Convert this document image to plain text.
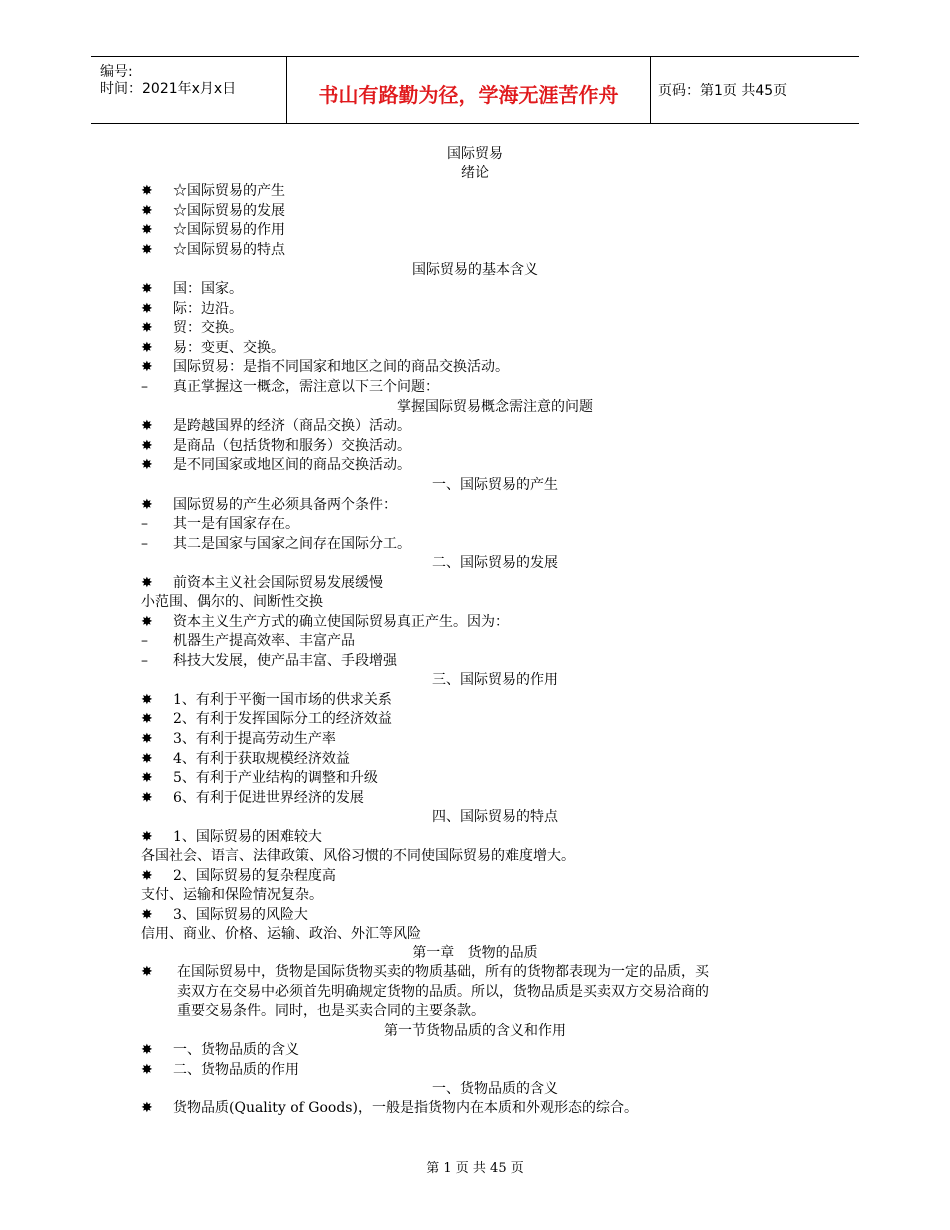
编号:
时间：2021年x月x日	书山有路勤为径，学海无涯苦作舟	页码：第1页 共45页
国际贸易
绪论
✸ ☆国际贸易的产生
✸ ☆国际贸易的发展
✸ ☆国际贸易的作用
✸ ☆国际贸易的特点
国际贸易的基本含义
✸ 国：国家。
✸ 际：边沿。
✸ 贸：交换。
✸ 易：变更、交换。
✸ 国际贸易：是指不同国家和地区之间的商品交换活动。
– 真正掌握这一概念，需注意以下三个问题：
掌握国际贸易概念需注意的问题
✸ 是跨越国界的经济（商品交换）活动。
✸ 是商品（包括货物和服务）交换活动。
✸ 是不同国家或地区间的商品交换活动。
一、国际贸易的产生
✸ 国际贸易的产生必须具备两个条件：
– 其一是有国家存在。
– 其二是国家与国家之间存在国际分工。
二、国际贸易的发展
✸ 前资本主义社会国际贸易发展缓慢
小范围、偶尔的、间断性交换
✸ 资本主义生产方式的确立使国际贸易真正产生。因为：
– 机器生产提高效率、丰富产品
– 科技大发展，使产品丰富、手段增强
三、国际贸易的作用
✸ 1、有利于平衡一国市场的供求关系
✸ 2、有利于发挥国际分工的经济效益
✸ 3、有利于提高劳动生产率
✸ 4、有利于获取规模经济效益
✸ 5、有利于产业结构的调整和升级
✸ 6、有利于促进世界经济的发展
四、国际贸易的特点
✸ 1、国际贸易的困难较大
各国社会、语言、法律政策、风俗习惯的不同使国际贸易的难度增大。
✸ 2、国际贸易的复杂程度高
支付、运输和保险情况复杂。
✸ 3、国际贸易的风险大
信用、商业、价格、运输、政治、外汇等风险
第一章   货物的品质
✸ 在国际贸易中，货物是国际货物买卖的物质基础，所有的货物都表现为一定的品质，买
卖双方在交易中必须首先明确规定货物的品质。所以，货物品质是买卖双方交易洽商的
重要交易条件。同时，也是买卖合同的主要条款。
第一节货物品质的含义和作用
✸ 一、货物品质的含义
✸ 二、货物品质的作用
一、货物品质的含义
✸ 货物品质(Quality of Goods)，一般是指货物内在本质和外观形态的综合。
第 1 页 共 45 页
